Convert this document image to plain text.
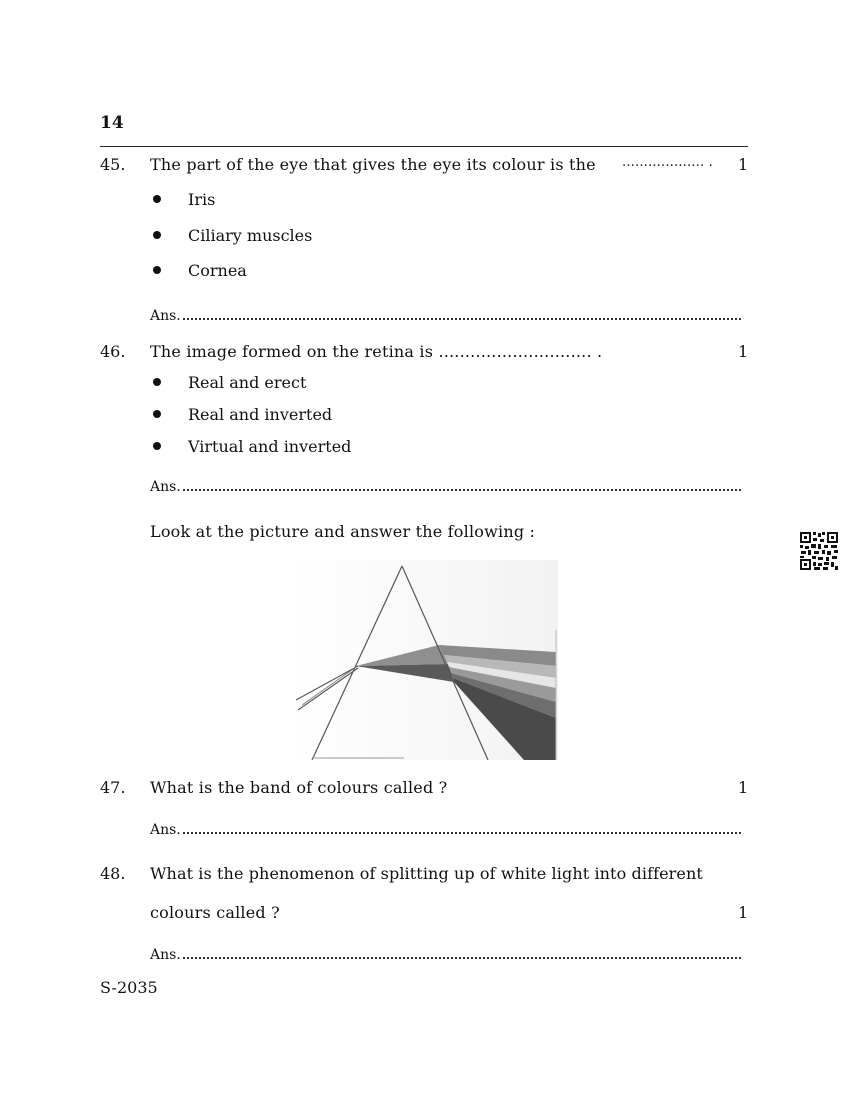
14
45. The part of the eye that gives the eye its colour is the ................... . 1
Iris
Ciliary muscles
Cornea
Ans.
46. The image formed on the retina is ............................. .	1
Real and erect
Real and inverted
Virtual and inverted
Ans.
Look at the picture and answer the following :
47. What is the band of colours called ?	1
Ans.
48. What is the phenomenon of splitting up of white light into different
colours called ?	1
Ans.
S-2035
